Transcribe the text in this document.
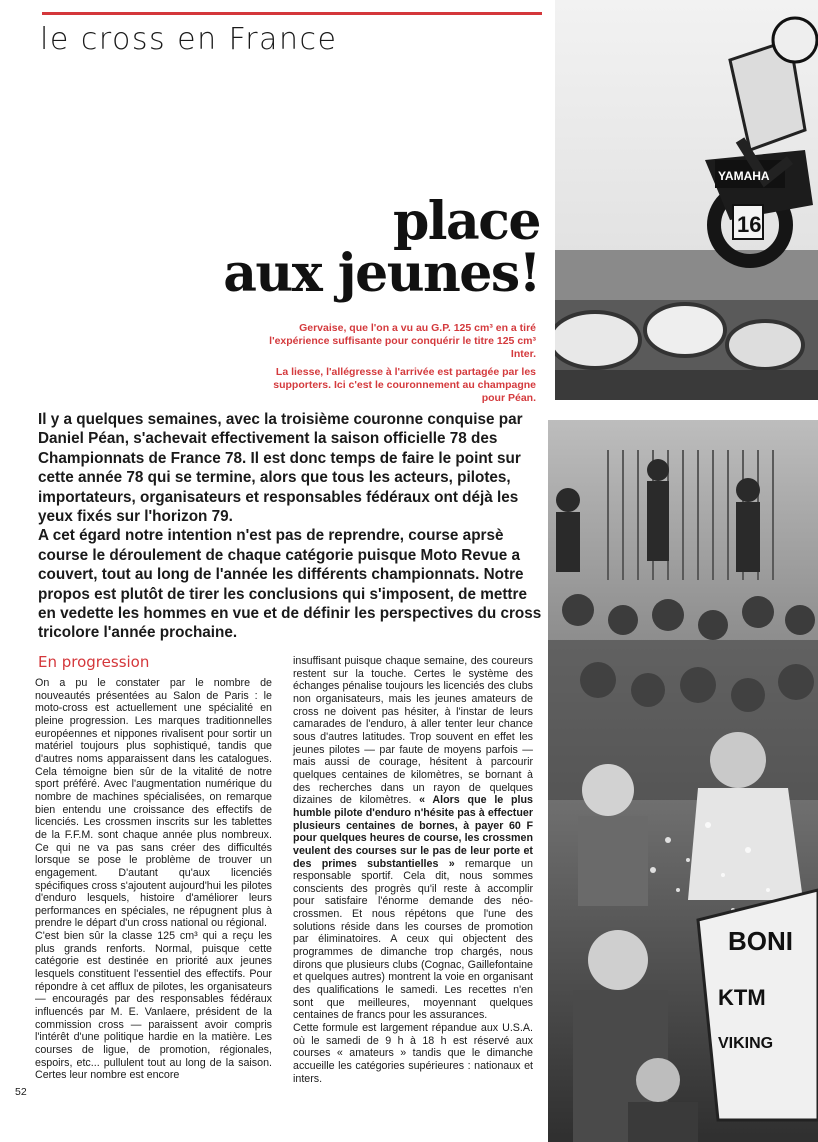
le cross en France
place
aux jeunes!
Gervaise, que l'on a vu au G.P. 125 cm³ en a tiré l'expérience suffisante pour conquérir le titre 125 cm³ Inter.
La liesse, l'allégresse à l'arrivée est partagée par les supporters. Ici c'est le couronnement au champagne pour Péan.
YAMAHA
16
BONI
KTM
VIKING

Il y a quelques semaines, avec la troisième couronne conquise par Daniel Péan, s'achevait effectivement la saison officielle 78 des Championnats de France 78. Il est donc temps de faire le point sur cette année 78 qui se termine, alors que tous les acteurs, pilotes, importateurs, organisateurs et responsables fédéraux ont déjà les yeux fixés sur l'horizon 79.

A cet égard notre intention n'est pas de reprendre, course aprsè course le déroulement de chaque catégorie puisque Moto Revue a couvert, tout au long de l'année les différents championnats. Notre propos est plutôt de tirer les conclusions qui s'imposent, de mettre en vedette les hommes en vue et de définir les perspectives du cross tricolore l'année prochaine.

En progression

On a pu le constater par le nombre de nouveautés présentées au Salon de Paris : le moto-cross est actuellement une spécialité en pleine progression. Les marques traditionnelles européennes et nippones rivalisent pour sortir un matériel toujours plus sophistiqué, tandis que d'autres noms apparaissent dans les catalogues. Cela témoigne bien sûr de la vitalité de notre sport préféré. Avec l'augmentation numérique du nombre de machines spécialisées, on remarque bien entendu une croissance des effectifs de licenciés. Les crossmen inscrits sur les tablettes de la F.F.M. sont chaque année plus nombreux. Ce qui ne va pas sans créer des difficultés lorsque se pose le problème de trouver un engagement. D'autant qu'aux licenciés spécifiques cross s'ajoutent aujourd'hui les pilotes d'enduro lesquels, histoire d'améliorer leurs performances en spéciales, ne répugnent plus à prendre le départ d'un cross national ou régional.

C'est bien sûr la classe 125 cm³ qui a reçu les plus grands renforts. Normal, puisque cette catégorie est destinée en priorité aux jeunes lesquels constituent l'essentiel des effectifs. Pour répondre à cet afflux de pilotes, les organisateurs — encouragés par des responsables fédéraux influencés par M. E. Vanlaere, président de la commission cross — paraissent avoir compris l'intérêt d'une politique hardie en la matière. Les courses de ligue, de promotion, régionales, espoirs, etc... pullulent tout au long de la saison. Certes leur nombre est encore

insuffisant puisque chaque semaine, des coureurs restent sur la touche. Certes le système des échanges pénalise toujours les licenciés des clubs non organisateurs, mais les jeunes amateurs de cross ne doivent pas hésiter, à l'instar de leurs camarades de l'enduro, à aller tenter leur chance sous d'autres latitudes. Trop souvent en effet les jeunes pilotes — par faute de moyens parfois — mais aussi de courage, hésitent à parcourir quelques centaines de kilomètres, se bornant à des recherches dans un rayon de quelques dizaines de kilomètres. « Alors que le plus humble pilote d'enduro n'hésite pas à effectuer plusieurs centaines de bornes, à payer 60 F pour quelques heures de course, les crossmen veulent des courses sur le pas de leur porte et des primes substantielles » remarque un responsable sportif. Cela dit, nous sommes conscients des progrès qu'il reste à accomplir pour satisfaire l'énorme demande des néo-crossmen. Et nous répétons que l'une des solutions réside dans les courses de promotion par éliminatoires. A ceux qui objectent des programmes de dimanche trop chargés, nous dirons que plusieurs clubs (Cognac, Gaillefontaine et quelques autres) montrent la voie en organisant des qualifications le samedi. Les recettes n'en sont que meilleures, moyennant quelques centaines de francs pour les assurances.

Cette formule est largement répandue aux U.S.A. où le samedi de 9 h à 18 h est réservé aux courses « amateurs » tandis que le dimanche accueille les catégories supérieures : nationaux et inters.

52
